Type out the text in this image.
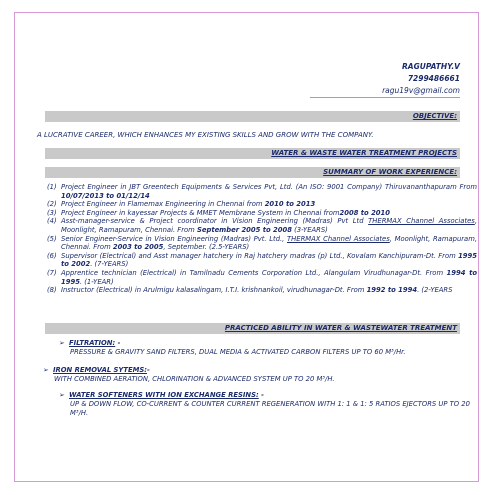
RAGUPATHY.V
7299486661
ragu19v@gmail.com
OBJECTIVE:
A LUCRATIVE CAREER, WHICH ENHANCES MY EXISTING SKILLS AND GROW WITH THE COMPANY.
WATER & WASTE WATER TREATMENT PROJECTS
SUMMARY OF WORK EXPERIENCE:
(1) Project Engineer in JBT Greentech Equipments & Services Pvt, Ltd. (An ISO: 9001 Company) Thiruvananthapuram From 10/07/2013 to 01/12/14
(2) Project Engineer in Flamemax Engineering in Chennai from 2010 to 2013
(3) Project Engineer in kayessar Projects & MMET Membrane System in Chennai from2008 to 2010
(4) Asst-manager-service & Project coordinator in Vision Engineering (Madras) Pvt Ltd THERMAX Channel Associates, Moonlight, Ramapuram, Chennai. From September 2005 to 2008 (3-YEARS)
(5) Senior Engineer-Service in Vision Engineering (Madras) Pvt. Ltd., THERMAX Channel Associates, Moonlight, Ramapuram, Chennai. From 2003 to 2005, September. (2.5-YEARS)
(6) Supervisor (Electrical) and Asst manager hatchery in Raj hatchery madras (p) Ltd., Kovalam Kanchipuram-Dt. From 1995 to 2002. (7-YEARS)
(7) Apprentice technician (Electrical) in Tamilnadu Cements Corporation Ltd., Alangulam Virudhunagar-Dt. From 1994 to 1995. (1-YEAR)
(8) Instructor (Electrical) in Arulmigu kalasalingam, I.T.I. krishnankoil, virudhunagar-Dt. From 1992 to 1994. (2-YEARS
PRACTICED ABILITY IN WATER & WASTEWATER TREATMENT
➢ FILTRATION: -
PRESSURE & GRAVITY SAND FILTERS, DUAL MEDIA & ACTIVATED CARBON FILTERS UP TO 60 M³/Hr.
➢ IRON REMOVAL SYTEMS:-
WITH COMBINED AERATION, CHLORINATION & ADVANCED SYSTEM UP TO 20 M³/H.
➢ WATER SOFTENERS WITH ION EXCHANGE RESINS: -
UP & DOWN FLOW, CO-CURRENT & COUNTER CURRENT REGENERATION WITH 1: 1 & 1: 5 RATIOS EJECTORS UP TO 20 M³/H.
